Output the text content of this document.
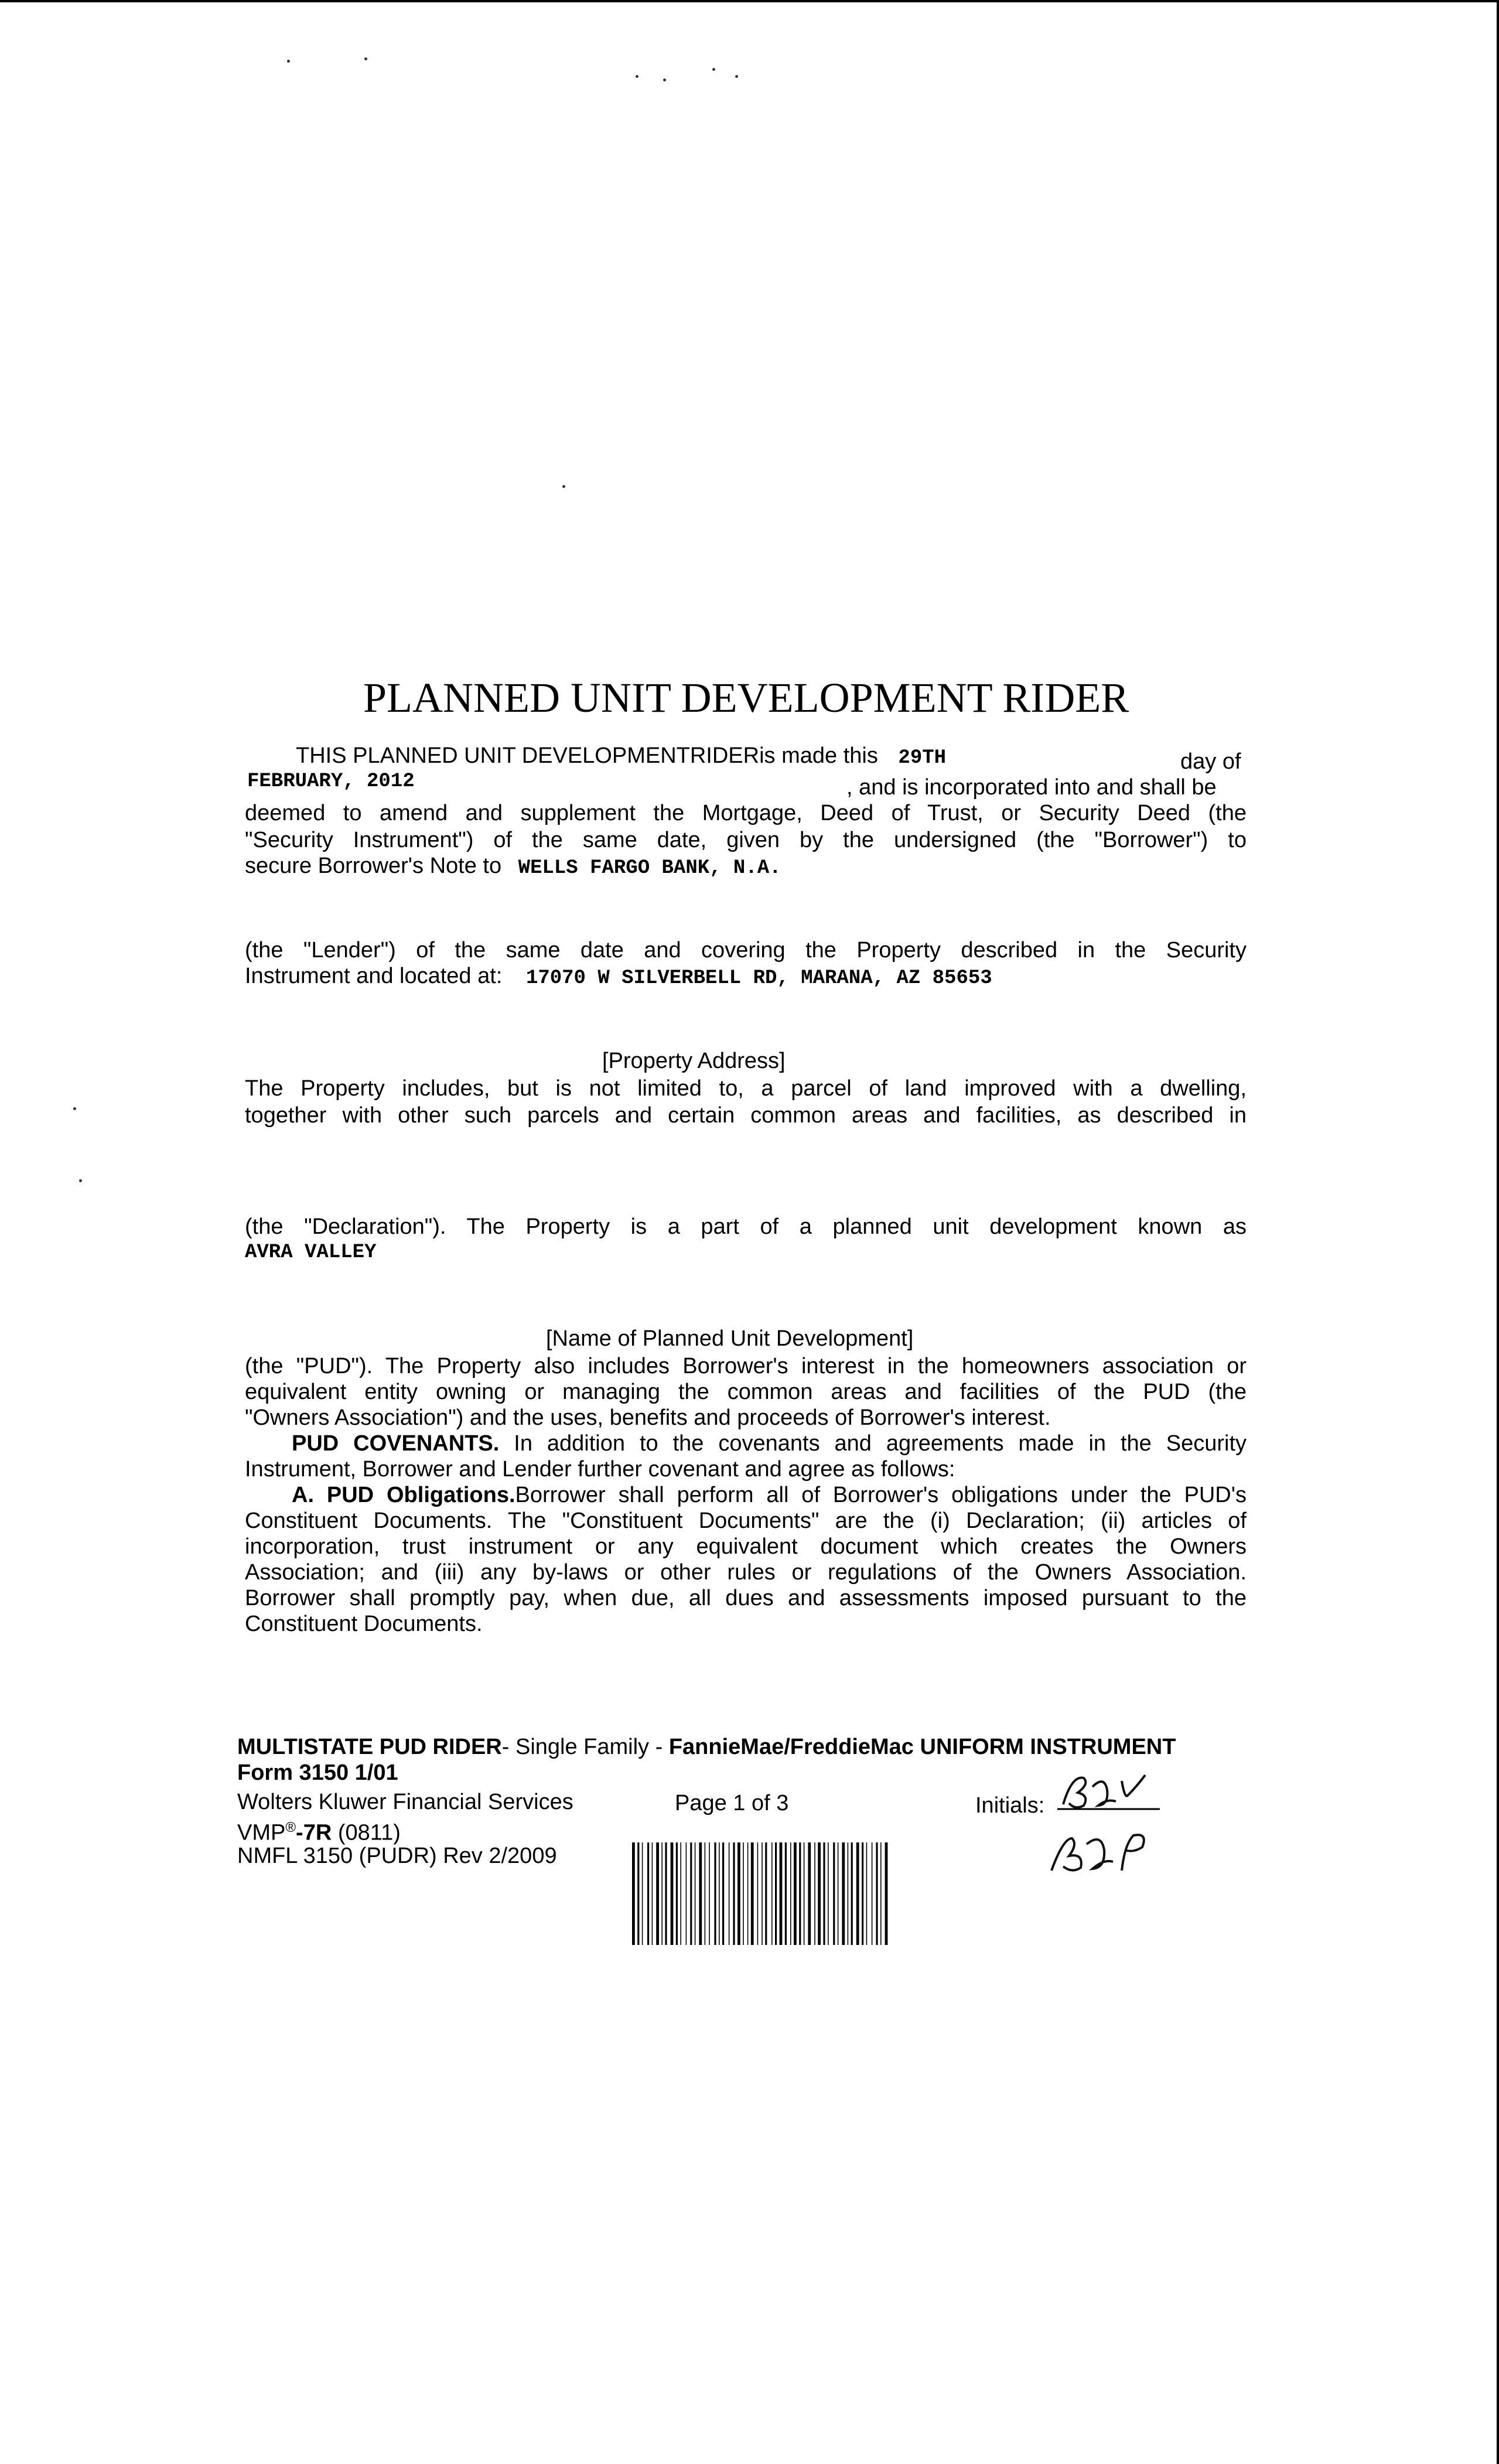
PLANNED UNIT DEVELOPMENT RIDER
THIS PLANNED UNIT DEVELOPMENTRIDERis made this 29TH	day of
FEBRUARY, 2012	, and is incorporated into and shall be
deemed to amend and supplement the Mortgage, Deed of Trust, or Security Deed (the
"Security Instrument") of the same date, given by the undersigned (the "Borrower") to
secure Borrower's Note to WELLS FARGO BANK, N.A.
(the "Lender") of the same date and covering the Property described in the Security
Instrument and located at: 17070 W SILVERBELL RD, MARANA, AZ 85653
[Property Address]
The Property includes, but is not limited to, a parcel of land improved with a dwelling,
together with other such parcels and certain common areas and facilities, as described in
(the "Declaration"). The Property is a part of a planned unit development known as
AVRA VALLEY
[Name of Planned Unit Development]
(the "PUD"). The Property also includes Borrower's interest in the homeowners association or
equivalent entity owning or managing the common areas and facilities of the PUD (the
"Owners Association") and the uses, benefits and proceeds of Borrower's interest.
PUD COVENANTS. In addition to the covenants and agreements made in the Security
Instrument, Borrower and Lender further covenant and agree as follows:
A. PUD Obligations.Borrower shall perform all of Borrower's obligations under the PUD's
Constituent Documents. The "Constituent Documents" are the (i) Declaration; (ii) articles of
incorporation, trust instrument or any equivalent document which creates the Owners
Association; and (iii) any by-laws or other rules or regulations of the Owners Association.
Borrower shall promptly pay, when due, all dues and assessments imposed pursuant to the
Constituent Documents.
MULTISTATE PUD RIDER- Single Family - FannieMae/FreddieMac UNIFORM INSTRUMENT
Form 3150 1/01
Wolters Kluwer Financial Services
VMP®-7R (0811)
NMFL 3150 (PUDR) Rev 2/2009
Page 1 of 3	Initials:
